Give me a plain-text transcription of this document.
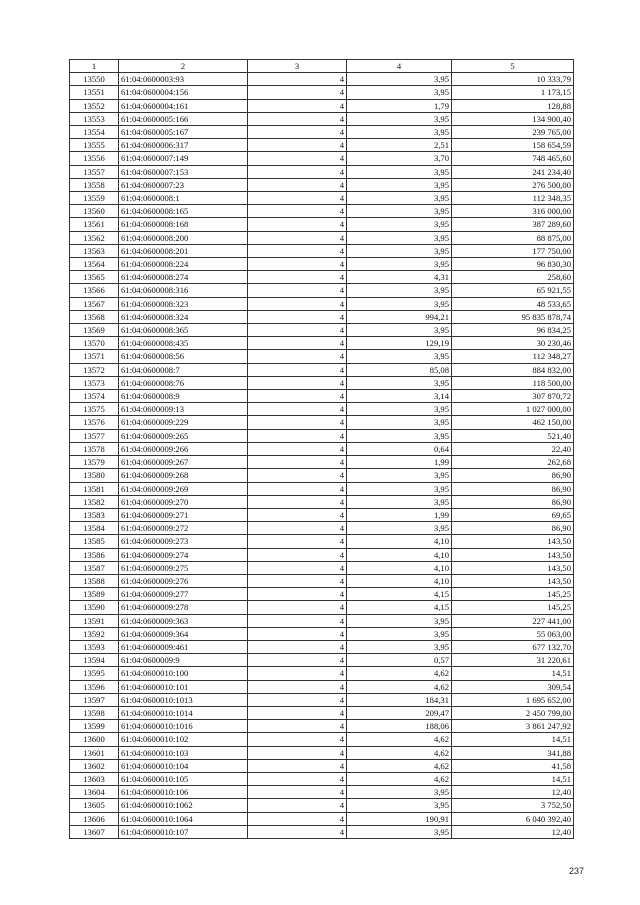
1	2	3	4	5
13550	61:04:0600003:93	4	3,95	10 333,79
13551	61:04:0600004:156	4	3,95	1 173,15
13552	61:04:0600004:161	4	1,79	128,88
13553	61:04:0600005:166	4	3,95	134 900,40
13554	61:04:0600005:167	4	3,95	239 765,00
13555	61:04:0600006:317	4	2,51	158 654,59
13556	61:04:0600007:149	4	3,70	748 465,60
13557	61:04:0600007:153	4	3,95	241 234,40
13558	61:04:0600007:23	4	3,95	276 500,00
13559	61:04:0600008:1	4	3,95	112 348,35
13560	61:04:0600008:165	4	3,95	316 000,00
13561	61:04:0600008:168	4	3,95	387 289,60
13562	61:04:0600008:200	4	3,95	88 875,00
13563	61:04:0600008:201	4	3,95	177 750,00
13564	61:04:0600008:224	4	3,95	96 830,30
13565	61:04:0600008:274	4	4,31	258,60
13566	61:04:0600008:316	4	3,95	65 921,55
13567	61:04:0600008:323	4	3,95	48 533,65
13568	61:04:0600008:324	4	994,21	95 835 878,74
13569	61:04:0600008:365	4	3,95	96 834,25
13570	61:04:0600008:435	4	129,19	30 230,46
13571	61:04:0600008:56	4	3,95	112 348,27
13572	61:04:0600008:7	4	85,08	884 832,00
13573	61:04:0600008:76	4	3,95	118 500,00
13574	61:04:0600008:9	4	3,14	307 870,72
13575	61:04:0600009:13	4	3,95	1 027 000,00
13576	61:04:0600009:229	4	3,95	462 150,00
13577	61:04:0600009:265	4	3,95	521,40
13578	61:04:0600009:266	4	0,64	22,40
13579	61:04:0600009:267	4	1,99	262,68
13580	61:04:0600009:268	4	3,95	86,90
13581	61:04:0600009:269	4	3,95	86,90
13582	61:04:0600009:270	4	3,95	86,90
13583	61:04:0600009:271	4	1,99	69,65
13584	61:04:0600009:272	4	3,95	86,90
13585	61:04:0600009:273	4	4,10	143,50
13586	61:04:0600009:274	4	4,10	143,50
13587	61:04:0600009:275	4	4,10	143,50
13588	61:04:0600009:276	4	4,10	143,50
13589	61:04:0600009:277	4	4,15	145,25
13590	61:04:0600009:278	4	4,15	145,25
13591	61:04:0600009:363	4	3,95	227 441,00
13592	61:04:0600009:364	4	3,95	55 063,00
13593	61:04:0600009:461	4	3,95	677 132,70
13594	61:04:0600009:9	4	0,57	31 220,61
13595	61:04:0600010:100	4	4,62	14,51
13596	61:04:0600010:101	4	4,62	309,54
13597	61:04:0600010:1013	4	184,31	1 695 652,00
13598	61:04:0600010:1014	4	209,47	2 450 799,00
13599	61:04:0600010:1016	4	188,06	3 861 247,92
13600	61:04:0600010:102	4	4,62	14,51
13601	61:04:0600010:103	4	4,62	341,88
13602	61:04:0600010:104	4	4,62	41,58
13603	61:04:0600010:105	4	4,62	14,51
13604	61:04:0600010:106	4	3,95	12,40
13605	61:04:0600010:1062	4	3,95	3 752,50
13606	61:04:0600010:1064	4	190,91	6 040 392,40
13607	61:04:0600010:107	4	3,95	12,40
237
